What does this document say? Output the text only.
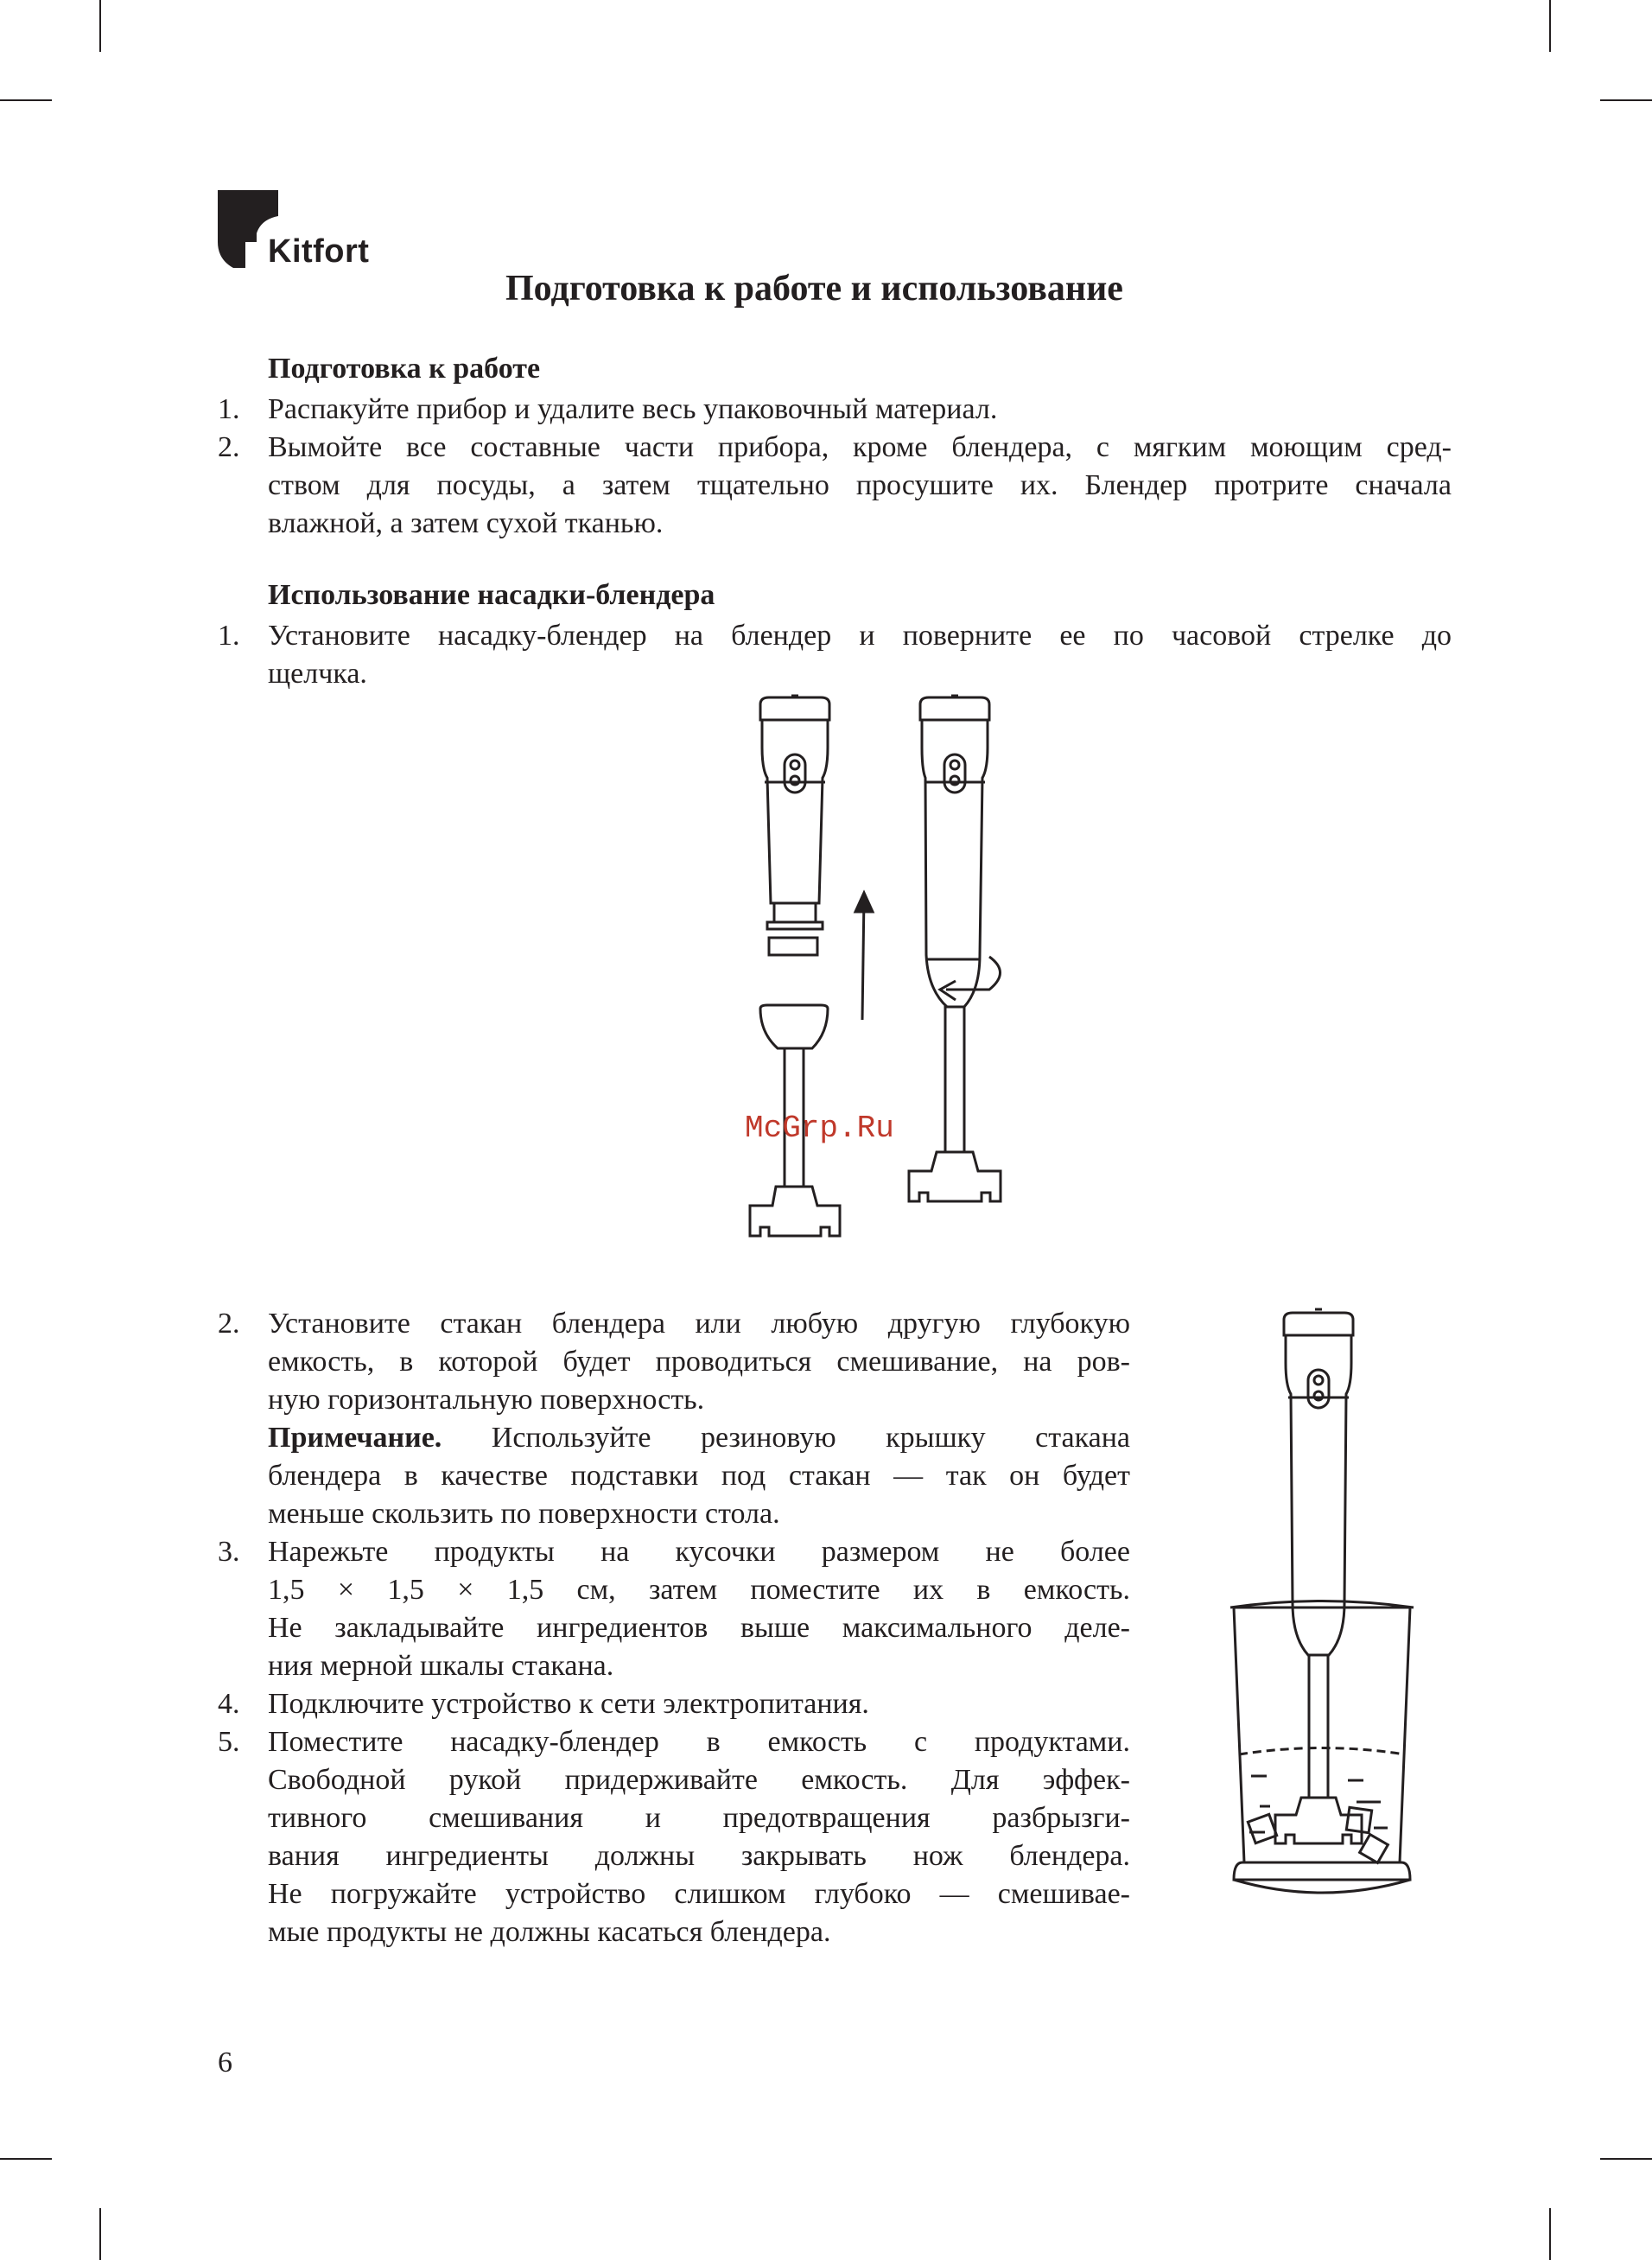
Kitfort
Подготовка к работе и использование
Подготовка к работе
1. Распакуйте прибор и удалите весь упаковочный материал.
2. Вымойте все составные части прибора, кроме блендера, с мягким моющим сред-
ством для посуды, а затем тщательно просушите их. Блендер протрите сначала
влажной, а затем сухой тканью.
Использование насадки-блендера
1. Установите насадку-блендер на блендер и поверните ее по часовой стрелке до
щелчка.
McGrp.Ru
2. Установите стакан блендера или любую другую глубокую
емкость, в которой будет проводиться смешивание, на ров-
ную горизонтальную поверхность.
Примечание. Используйте резиновую крышку стакана
блендера в качестве подставки под стакан — так он будет
меньше скользить по поверхности стола.
3. Нарежьте продукты на кусочки размером не более
1,5 × 1,5 × 1,5 см, затем поместите их в емкость.
Не закладывайте ингредиентов выше максимального деле-
ния мерной шкалы стакана.
4. Подключите устройство к сети электропитания.
5. Поместите насадку-блендер в емкость с продуктами.
Свободной рукой придерживайте емкость. Для эффек-
тивного смешивания и предотвращения разбрызги-
вания ингредиенты должны закрывать нож блендера.
Не погружайте устройство слишком глубоко — смешивае-
мые продукты не должны касаться блендера.
6
